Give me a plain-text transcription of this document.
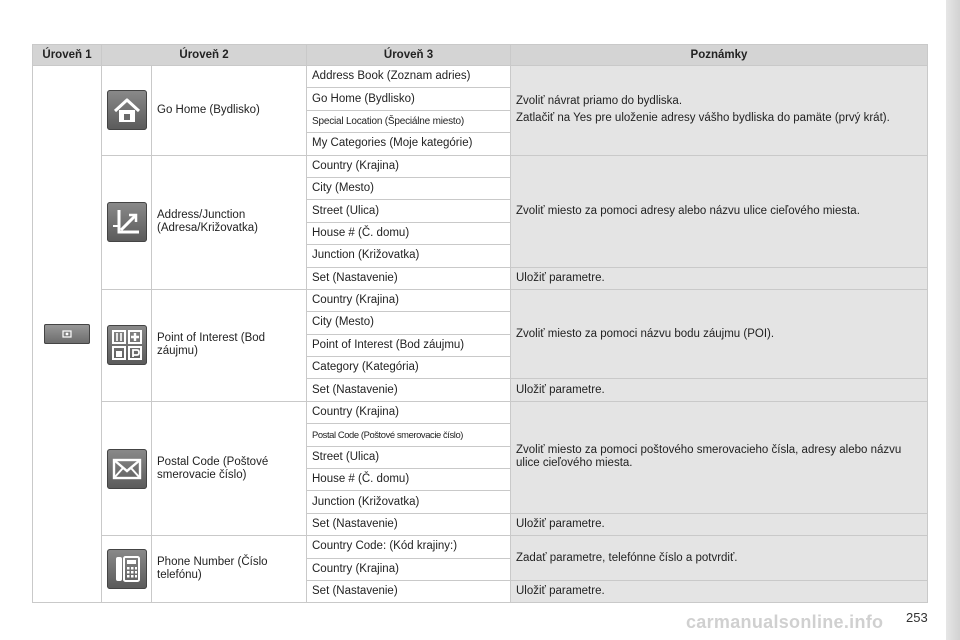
Úroveň 1	Úroveň 2		Úroveň 3	Poznámky

	Go Home (Bydlisko)	Address Book (Zoznam adries)	Zvoliť návrat priamo do bydliska.
Zatlačiť na Yes pre uloženie adresy vášho bydliska do pamäte (prvý krát).

			Go Home (Bydlisko)	
			Special Location (Špeciálne miesto)	
			My Categories (Moje kategórie)	

	Address/Junction (Adresa/Križovatka)	Country (Krajina)	Zvoliť miesto za pomoci adresy alebo názvu ulice cieľového miesta.
			City (Mesto)	
			Street (Ulica)	
			House # (Č. domu)	
			Junction (Križovatka)	
			Set (Nastavenie)	Uložiť parametre.

	Point of Interest (Bod záujmu)	Country (Krajina)	Zvoliť miesto za pomoci názvu bodu záujmu (POI).
			City (Mesto)	
			Point of Interest (Bod záujmu)	
			Category (Kategória)	
			Set (Nastavenie)	Uložiť parametre.

	Postal Code (Poštové smerovacie číslo)	Country (Krajina)	Zvoliť miesto za pomoci poštového smerovacieho čísla, adresy alebo názvu ulice cieľového miesta.
			Postal Code (Poštové smerovacie číslo)	
			Street (Ulica)	
			House # (Č. domu)	
			Junction (Križovatka)	
			Set (Nastavenie)	Uložiť parametre.

	Phone Number (Číslo telefónu)	Country Code: (Kód krajiny:)	Zadať parametre, telefónne číslo a potvrdiť.
			Country (Krajina)	
			Set (Nastavenie)	Uložiť parametre.
carmanualsonline.info 253
